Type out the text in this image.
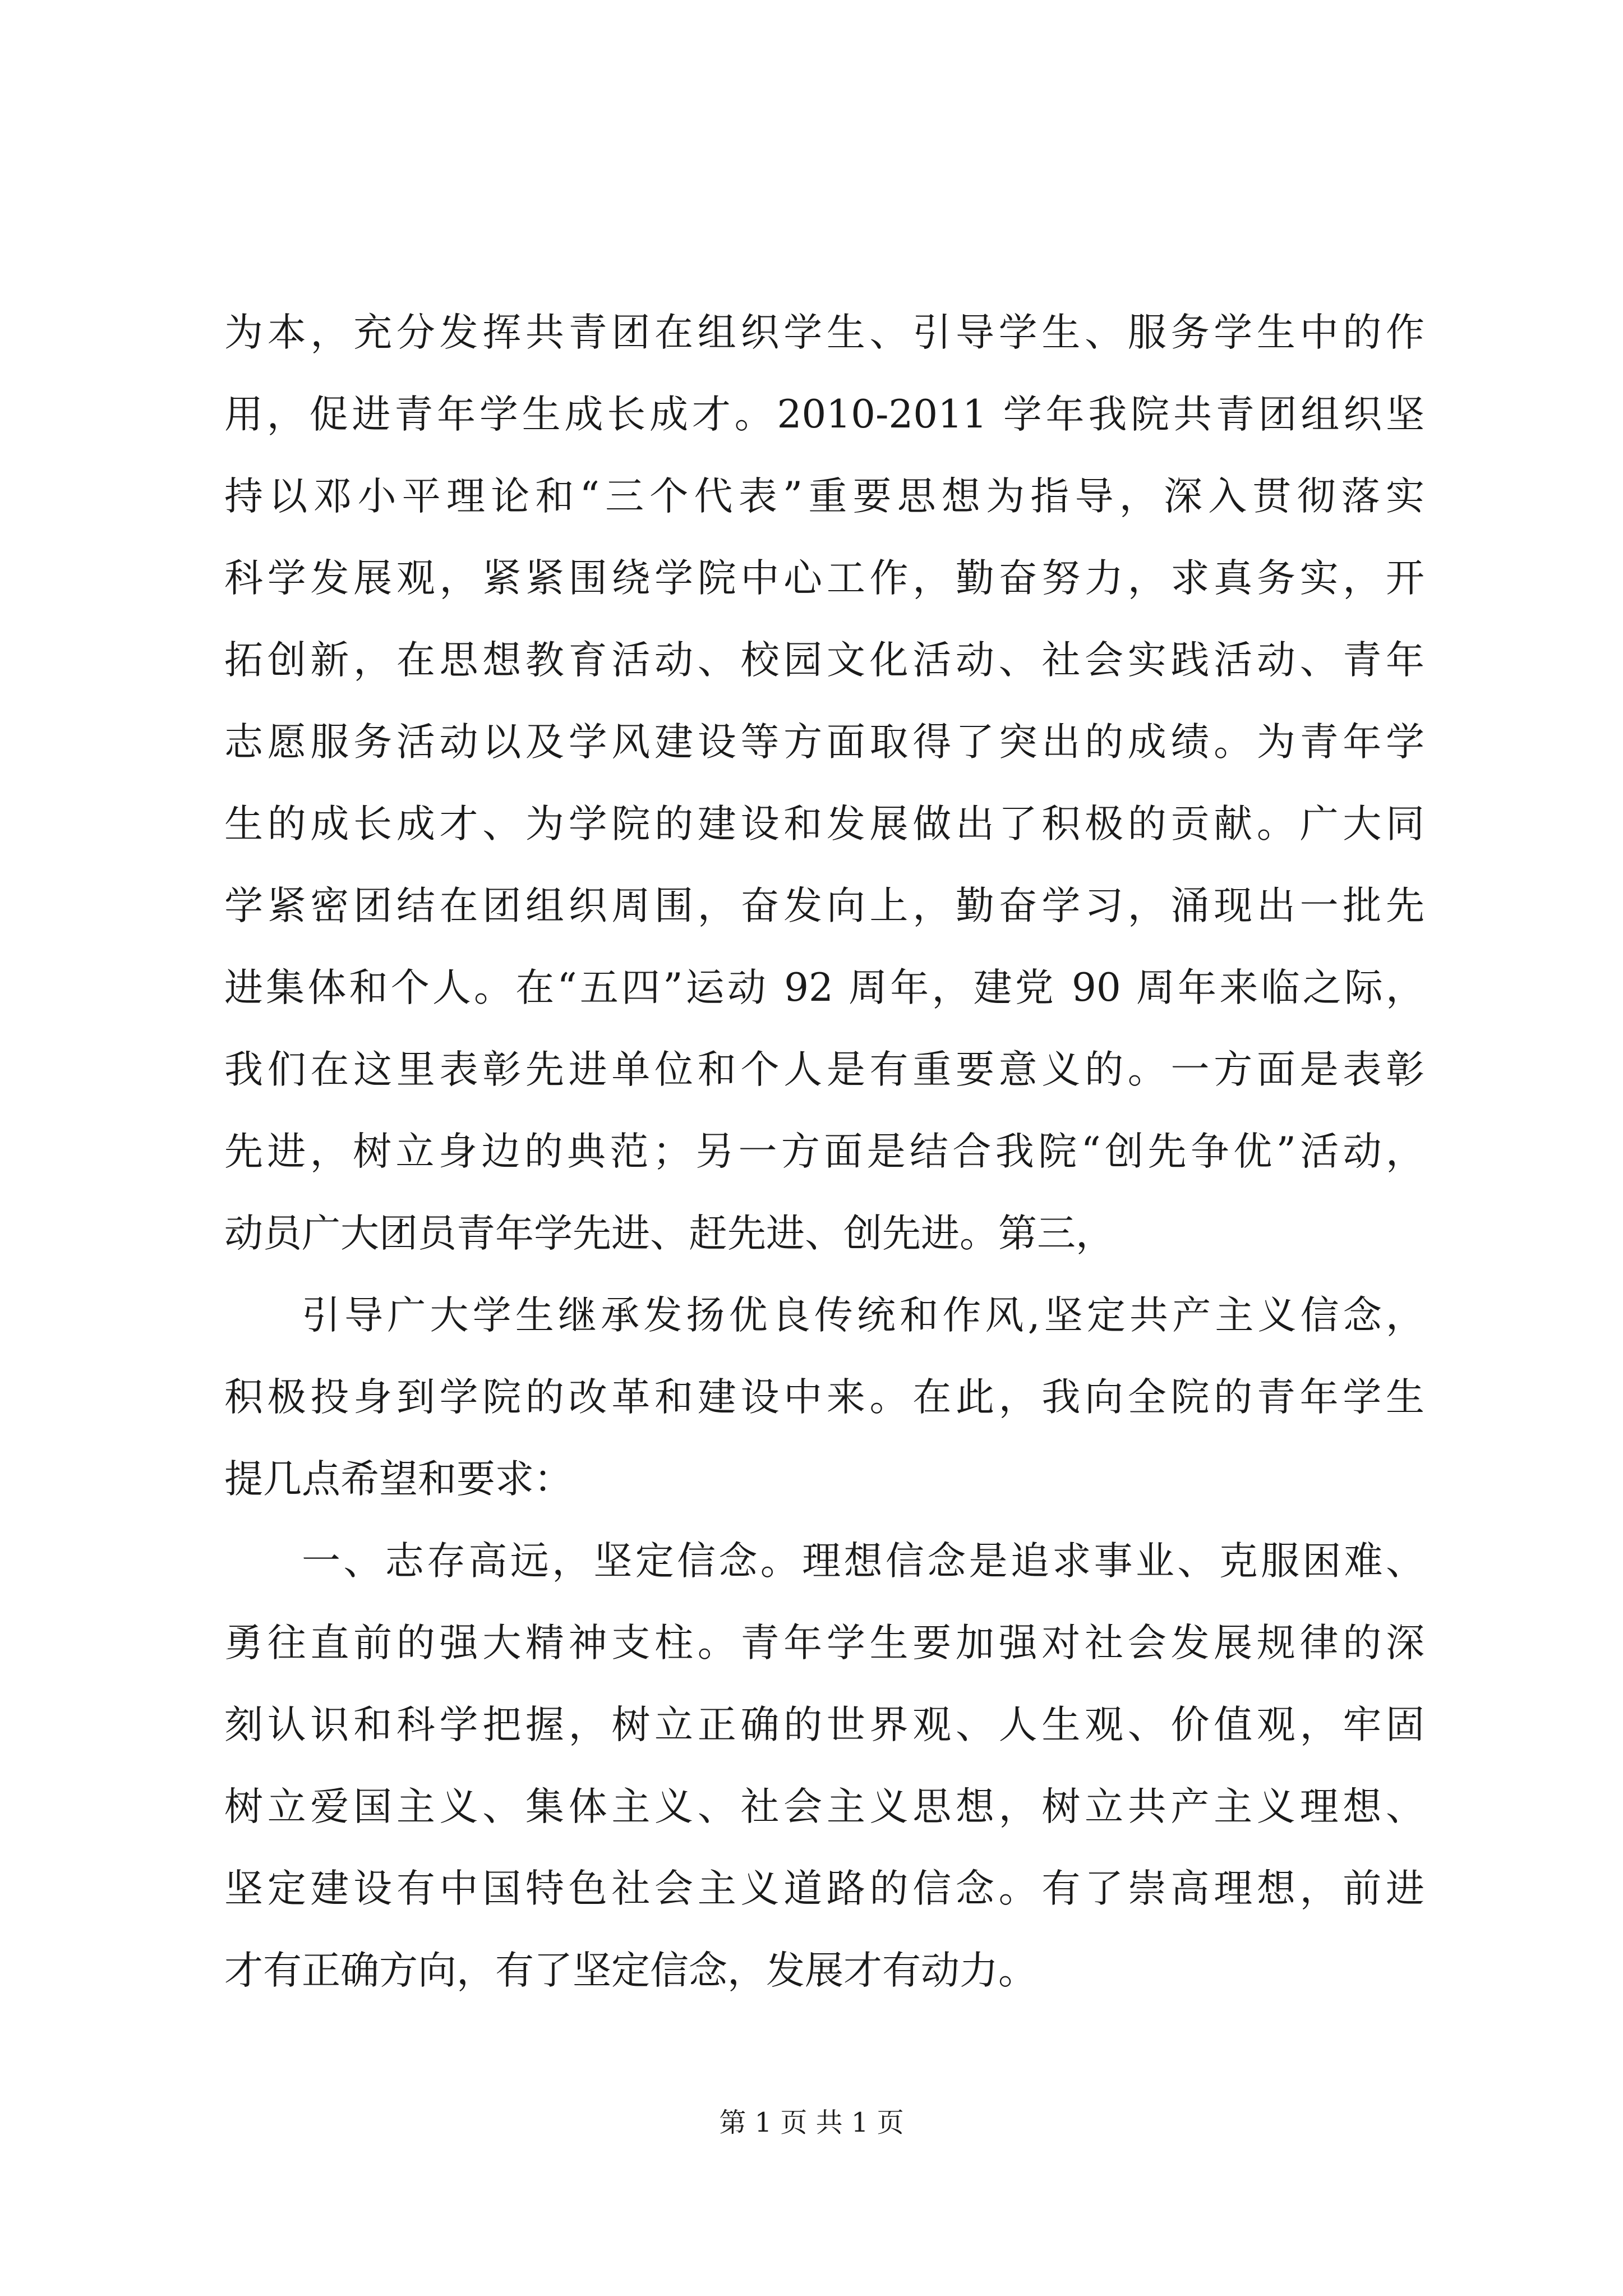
为本，充分发挥共青团在组织学生、引导学生、服务学生中的作
用，促进青年学生成长成才。2010-2011 学年我院共青团组织坚
持以邓小平理论和“三个代表”重要思想为指导，深入贯彻落实
科学发展观，紧紧围绕学院中心工作，勤奋努力，求真务实，开
拓创新，在思想教育活动、校园文化活动、社会实践活动、青年
志愿服务活动以及学风建设等方面取得了突出的成绩。为青年学
生的成长成才、为学院的建设和发展做出了积极的贡献。广大同
学紧密团结在团组织周围，奋发向上，勤奋学习，涌现出一批先
进集体和个人。在“五四”运动 92 周年，建党 90 周年来临之际，
我们在这里表彰先进单位和个人是有重要意义的。一方面是表彰
先进，树立身边的典范；另一方面是结合我院“创先争优”活动，
动员广大团员青年学先进、赶先进、创先进。第三，
引导广大学生继承发扬优良传统和作风,坚定共产主义信念，
积极投身到学院的改革和建设中来。在此，我向全院的青年学生
提几点希望和要求：
一、志存高远，坚定信念。理想信念是追求事业、克服困难、
勇往直前的强大精神支柱。青年学生要加强对社会发展规律的深
刻认识和科学把握，树立正确的世界观、人生观、价值观，牢固
树立爱国主义、集体主义、社会主义思想，树立共产主义理想、
坚定建设有中国特色社会主义道路的信念。有了崇高理想，前进
才有正确方向，有了坚定信念，发展才有动力。
第 1 页 共 1 页
